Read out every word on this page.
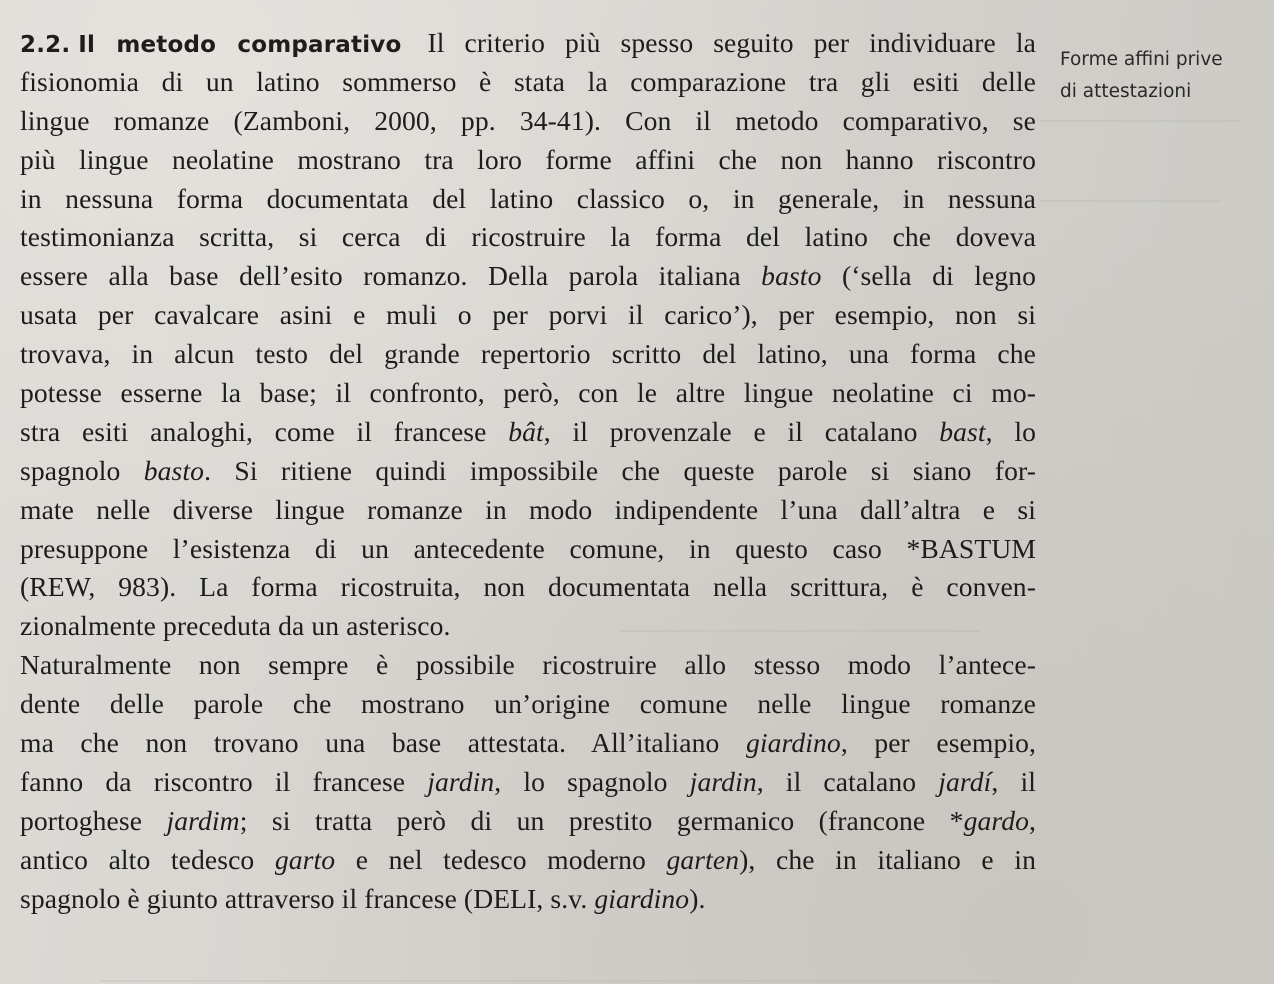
2.2. Il metodo comparativo Il criterio più spesso seguito per individuare la
fisionomia di un latino sommerso è stata la comparazione tra gli esiti delle
lingue romanze (Zamboni, 2000, pp. 34-41). Con il metodo comparativo, se
più lingue neolatine mostrano tra loro forme affini che non hanno riscontro
in nessuna forma documentata del latino classico o, in generale, in nessuna
testimonianza scritta, si cerca di ricostruire la forma del latino che doveva
essere alla base dell’esito romanzo. Della parola italiana basto (‘sella di legno
usata per cavalcare asini e muli o per porvi il carico’), per esempio, non si
trovava, in alcun testo del grande repertorio scritto del latino, una forma che
potesse esserne la base; il confronto, però, con le altre lingue neolatine ci mo-
stra esiti analoghi, come il francese bât, il provenzale e il catalano bast, lo
spagnolo basto. Si ritiene quindi impossibile che queste parole si siano for-
mate nelle diverse lingue romanze in modo indipendente l’una dall’altra e si
presuppone l’esistenza di un antecedente comune, in questo caso *BASTUM
(REW, 983). La forma ricostruita, non documentata nella scrittura, è conven-
zionalmente preceduta da un asterisco.
Naturalmente non sempre è possibile ricostruire allo stesso modo l’antece-
dente delle parole che mostrano un’origine comune nelle lingue romanze
ma che non trovano una base attestata. All’italiano giardino, per esempio,
fanno da riscontro il francese jardin, lo spagnolo jardin, il catalano jardí, il
portoghese jardim; si tratta però di un prestito germanico (francone *gardo,
antico alto tedesco garto e nel tedesco moderno garten), che in italiano e in
spagnolo è giunto attraverso il francese (DELI, s.v. giardino).
Forme affini prive
di attestazioni
